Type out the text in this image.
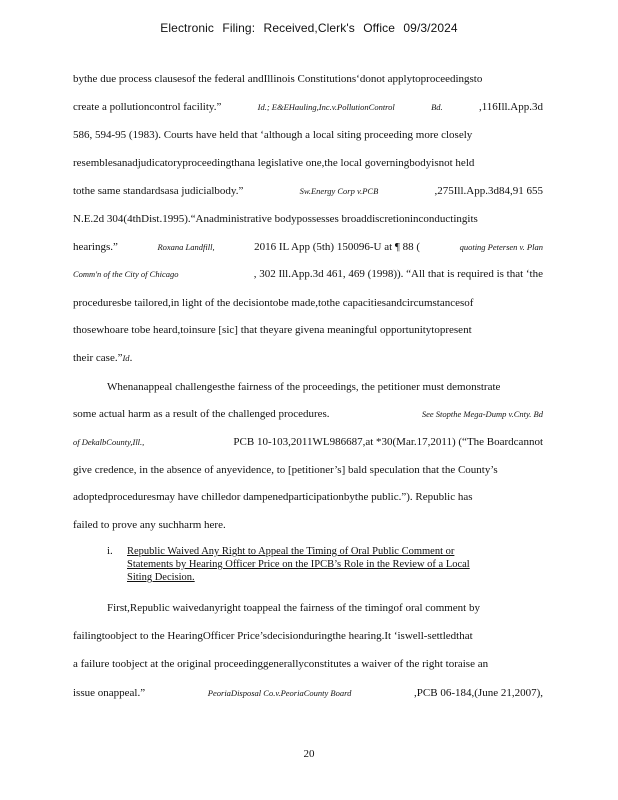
Electronic Filing: Received,Clerk's Office 09/3/2024
bythe due process clausesof the federal andIllinois Constitutions‘donot applytoproceedingsto
create a pollutioncontrol facility.”	Id.; E&EHauling,Inc.v.PollutionControl	Bd.	,116Ill.App.3d
586, 594-95 (1983). Courts have held that ‘although a local siting proceeding more closely
resemblesanadjudicatoryproceedingthana legislative one,the local governingbodyisnot held
tothe same standardsasa judicialbody.”	Sw.Energy Corp v.PCB	,275Ill.App.3d84,91 655
N.E.2d 304(4thDist.1995).“Anadministrative bodypossesses broaddiscretioninconductingits
hearings.”	Roxana Landfill,	2016 IL App (5th) 150096-U at ¶ 88 (	quoting Petersen v. Plan
Comm'n of the City of Chicago	, 302 Ill.App.3d 461, 469 (1998)). “All that is required is that ‘the
proceduresbe tailored,in light of the decisiontobe made,tothe capacitiesandcircumstancesof
thosewhoare tobe heard,toinsure [sic] that theyare givena meaningful opportunitytopresent
their case.” Id .
Whenanappeal challengesthe fairness of the proceedings, the petitioner must demonstrate
some actual harm as a result of the challenged procedures.	See Stopthe Mega-Dump v.Cnty. Bd
of DekalbCounty,Ill.,	PCB 10-103,2011WL986687,at *30(Mar.17,2011) (“The Boardcannot
give credence, in the absence of anyevidence, to [petitioner’s] bald speculation that the County’s
adoptedproceduresmay have chilledor dampenedparticipationbythe public.”). Republic has
failed to prove any suchharm here.
First,Republic waivedanyright toappeal the fairness of the timingof oral comment by
failingtoobject to the HearingOfficer Price’sdecisionduringthe hearing.It ‘iswell-settledthat
a failure toobject at the original proceedinggenerallyconstitutes a waiver of the right toraise an
issue onappeal.”	PeoriaDisposal Co.v.PeoriaCounty Board	,PCB 06-184,(June 21,2007),
i.	Republic Waived Any Right to Appeal the Timing of Oral Public Comment or
Statements by Hearing Officer Price on the IPCB’s Role in the Review of a Local
Siting Decision.
20
